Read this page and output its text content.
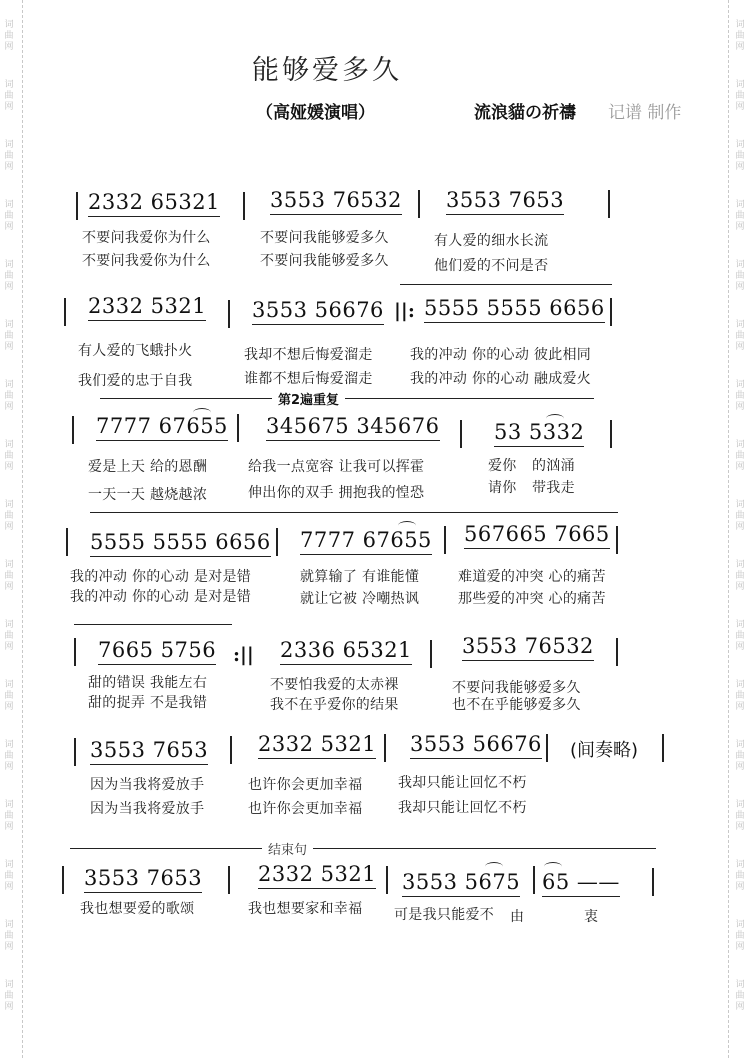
词
曲
网
词
曲
网
词
曲
网
词
曲
网
词
曲
网
词
曲
网
词
曲
网
词
曲
网
词
曲
网
词
曲
网
词
曲
网
词
曲
网
词
曲
网
词
曲
网
词
曲
网
词
曲
网
词
曲
网
词
曲
网
词
曲
网
词
曲
网
词
曲
网
词
曲
网
词
曲
网
词
曲
网
词
曲
网
词
曲
网
词
曲
网
词
曲
网
词
曲
网
词
曲
网
词
曲
网
词
曲
网
词
曲
网
词
曲
网
能够爱多久
（高娅媛演唱）	流浪貓の祈禱 记谱 制作
2332 65321 3553 76532 3553 7653
不要问我爱你为什么
不要问我爱你为什么
不要问我能够爱多久
不要问我能够爱多久
有人爱的细水长流
他们爱的不问是否
2332 5321 3553 56676 ||: 5555 5555 6656
有人爱的飞蛾扑火
我们爱的忠于自我
我却不想后悔爱溜走
谁都不想后悔爱溜走
我的冲动 你的心动 彼此相同
我的冲动 你的心动 融成爱火
第2遍重复
7777 67655 345675 345676	53 5332
爱是上天 给的恩酬
一天一天 越烧越浓
给我一点宽容 让我可以挥霍
伸出你的双手 拥抱我的惶恐
爱你 的汹涌
请你 带我走
5555 5555 6656 7777 67655 567665 7665
我的冲动 你的心动 是对是错
我的冲动 你的心动 是对是错
就算输了 有谁能懂
就让它被 冷嘲热讽
难道爱的冲突 心的痛苦
那些爱的冲突 心的痛苦
7665 5756 :|| 2336 65321 3553 76532
甜的错误 我能左右
甜的捉弄 不是我错
不要怕我爱的太赤裸
我不在乎爱你的结果
不要问我能够爱多久
也不在乎能够爱多久
3553 7653 2332 5321 3553 56676 (间奏略)
因为当我将爱放手
因为当我将爱放手
也许你会更加幸福
也许你会更加幸福
我却只能让回忆不朽
我却只能让回忆不朽
结束句
3553 7653	2332 5321 3553 5675 65 ——
我也想要爱的歌颂	我也想要家和幸福 可是我只能爱不 由	衷
